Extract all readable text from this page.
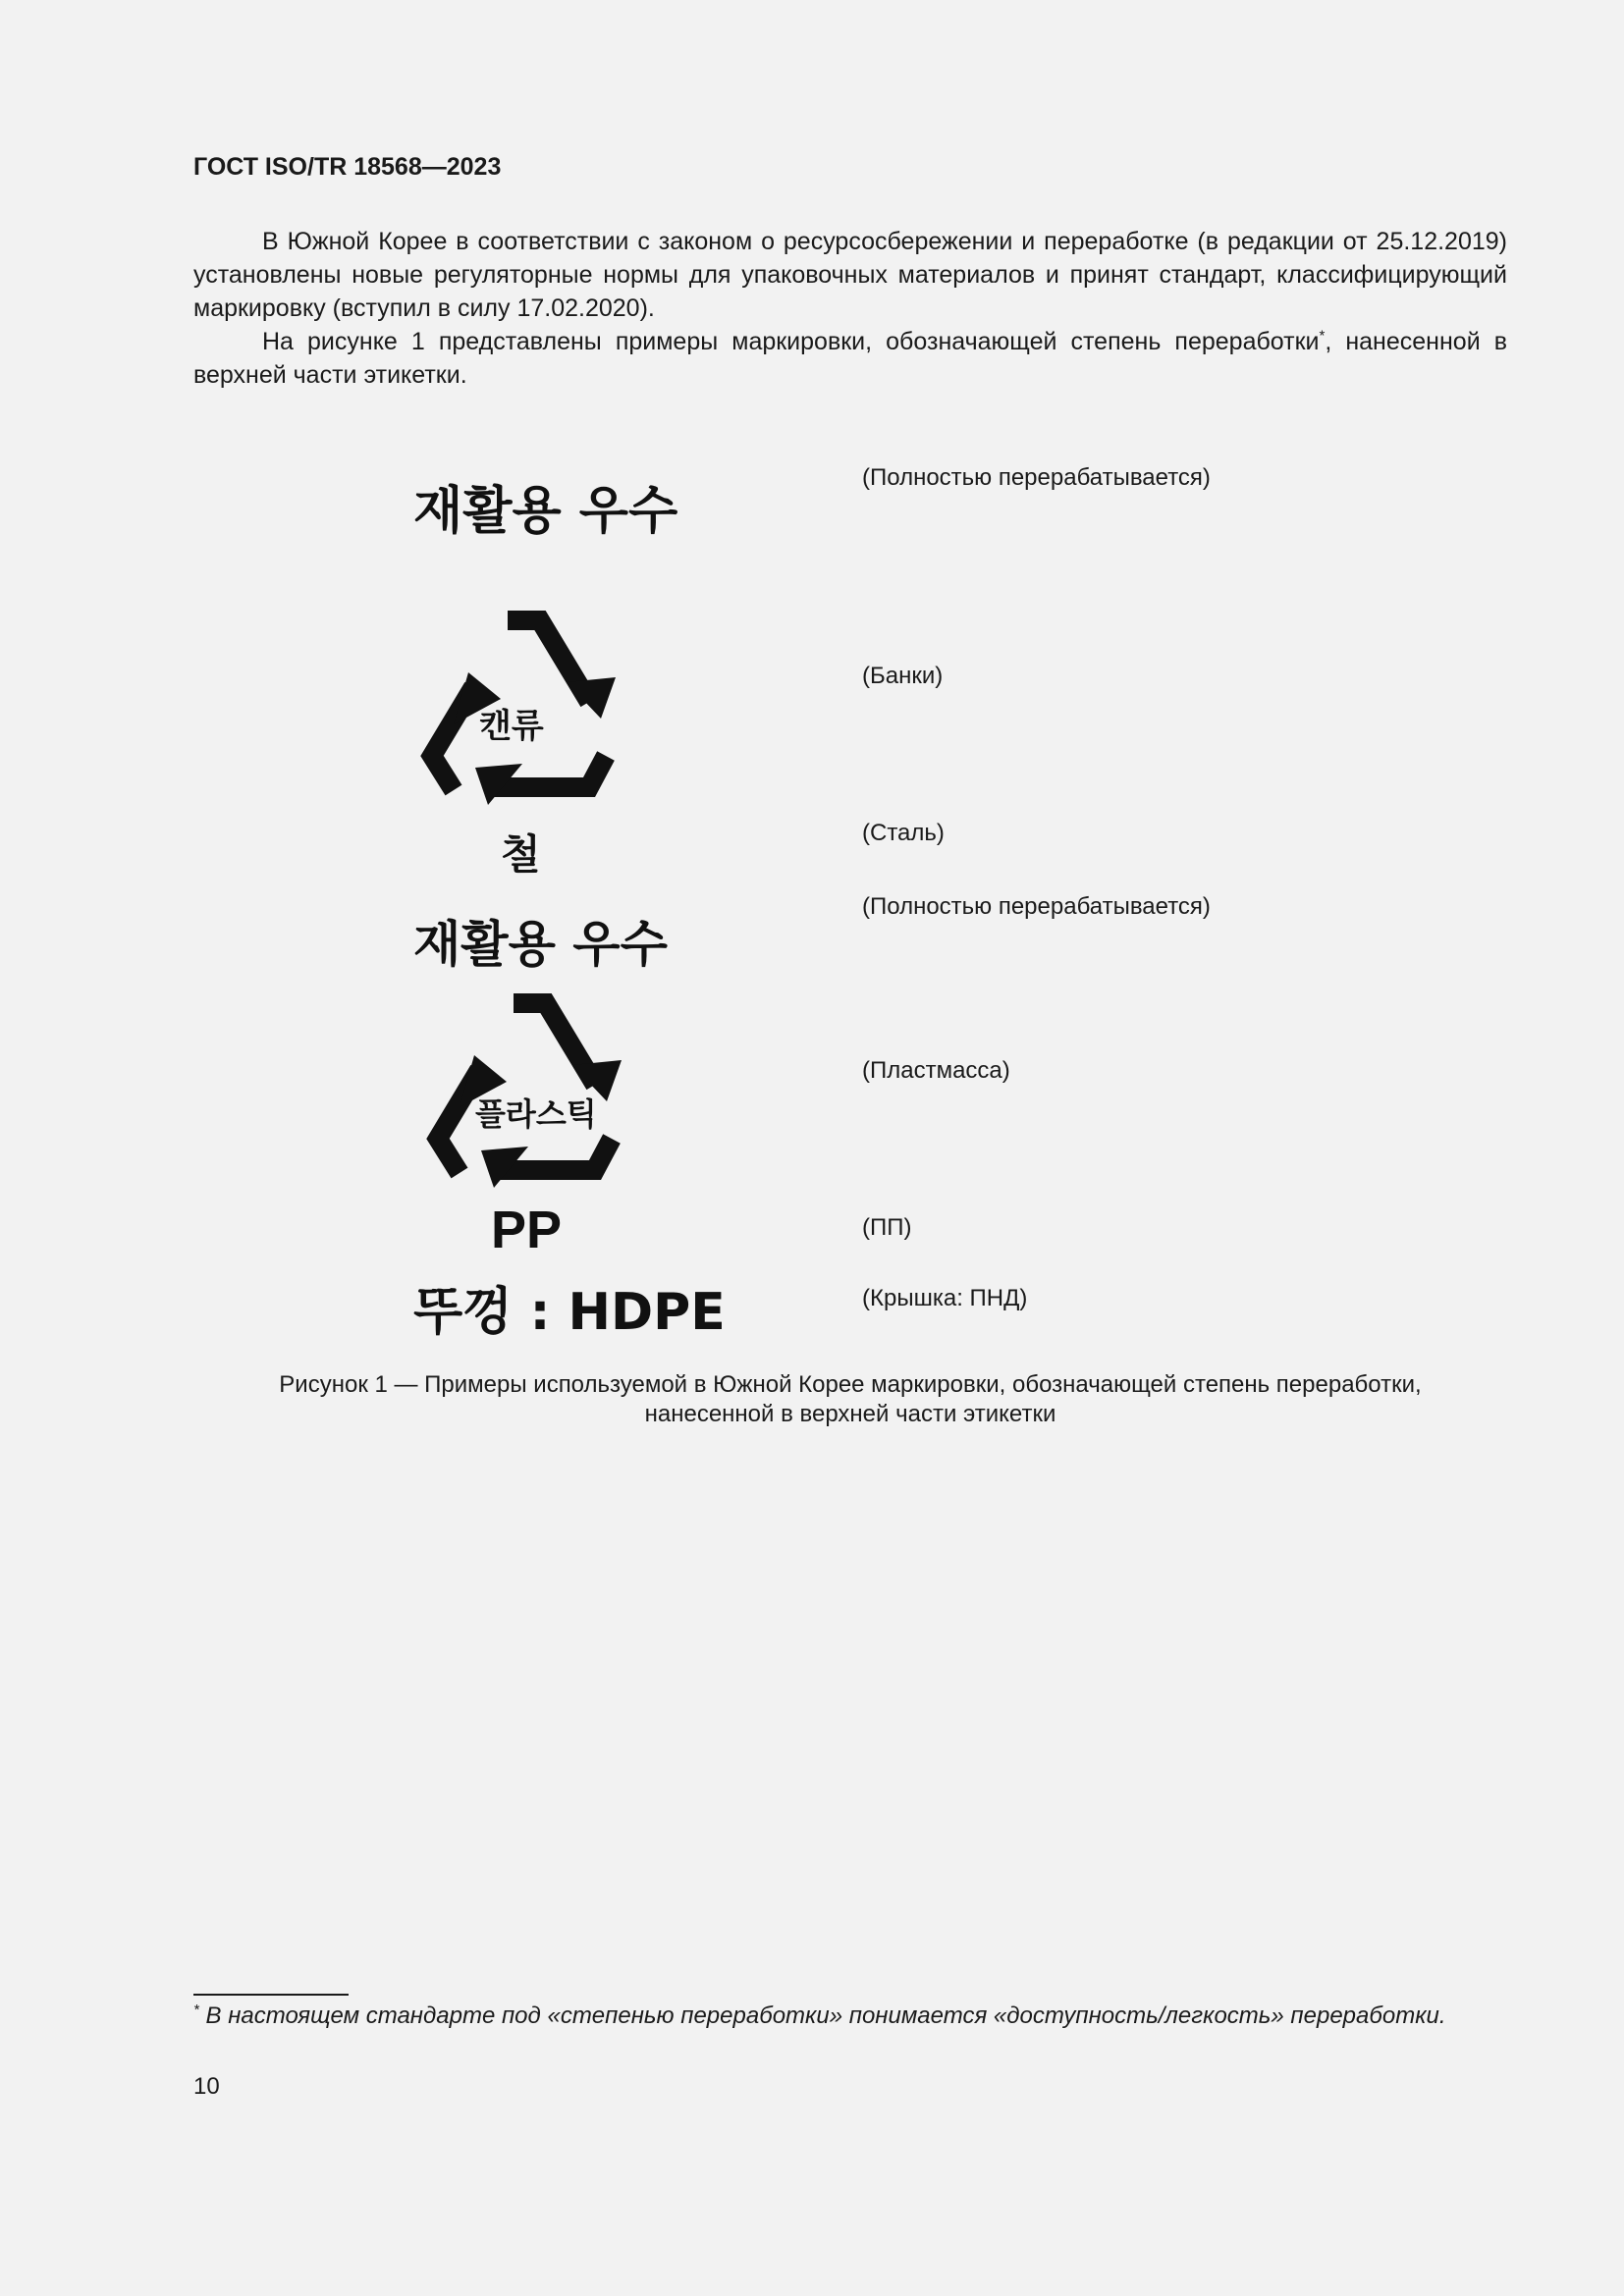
ГОСТ ISO/TR 18568—2023
В Южной Корее в соответствии с законом о ресурсосбережении и переработке (в редакции от 25.12.2019) установлены новые регуляторные нормы для упаковочных материалов и принят стандарт, классифицирующий маркировку (вступил в силу 17.02.2020).
На рисунке 1 представлены примеры маркировки, обозначающей степень переработки*, нанесенной в верхней части этикетки.
재활용 우수
(Полностью перерабатывается)
캔류
(Банки)
철	(Сталь)
재활용 우수
(Полностью перерабатывается)
플라스틱
(Пластмасса)
PP	(ПП)
뚜껑 : HDPE	(Крышка: ПНД)
Рисунок 1 — Примеры используемой в Южной Корее маркировки, обозначающей степень переработки,
нанесенной в верхней части этикетки
* В настоящем стандарте под «степенью переработки» понимается «доступность/легкость» переработки.
10
